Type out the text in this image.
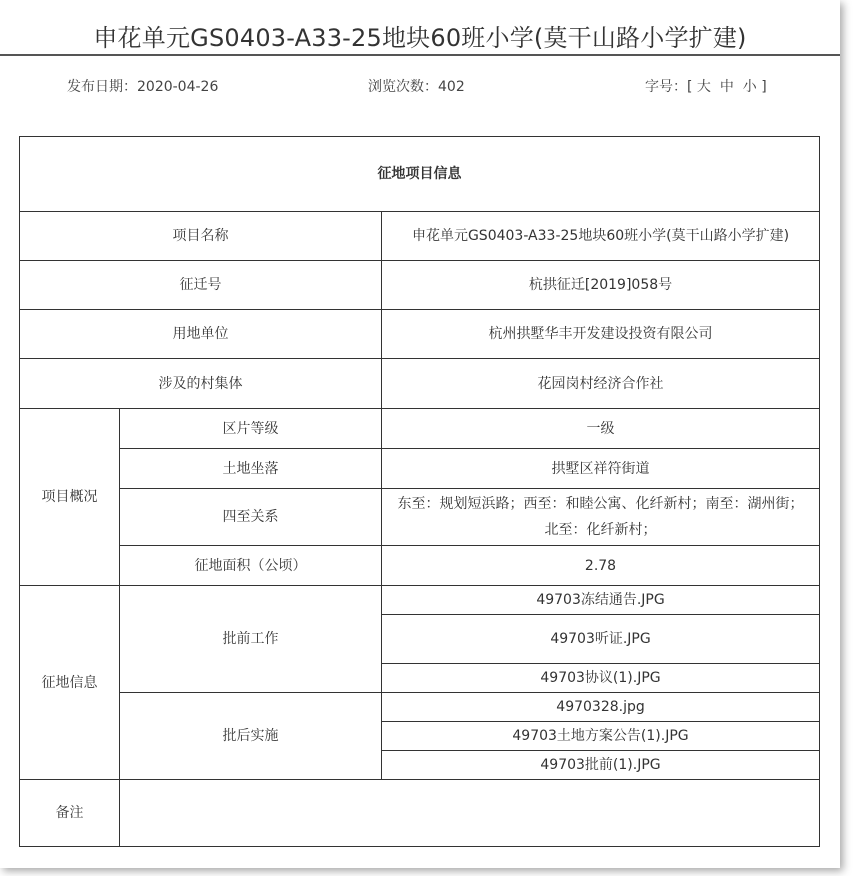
申花单元GS0403-A33-25地块60班小学(莫干山路小学扩建)
发布日期：2020-04-26	浏览次数：402	字号：[ 大 中 小 ]
征地项目信息		
项目名称		申花单元GS0403-A33-25地块60班小学(莫干山路小学扩建)
征迁号		杭拱征迁[2019]058号
用地单位		杭州拱墅华丰开发建设投资有限公司
涉及的村集体		花园岗村经济合作社
项目概况	区片等级	一级
	土地坐落	拱墅区祥符街道
	四至关系	东至：规划短浜路；西至：和睦公寓、化纤新村；南至：湖州街；北至：化纤新村；
	征地面积（公顷）	2.78
征地信息	批前工作	49703冻结通告.JPG
		49703听证.JPG
		49703协议(1).JPG
	批后实施	4970328.jpg
		49703土地方案公告(1).JPG
		49703批前(1).JPG
备注		
